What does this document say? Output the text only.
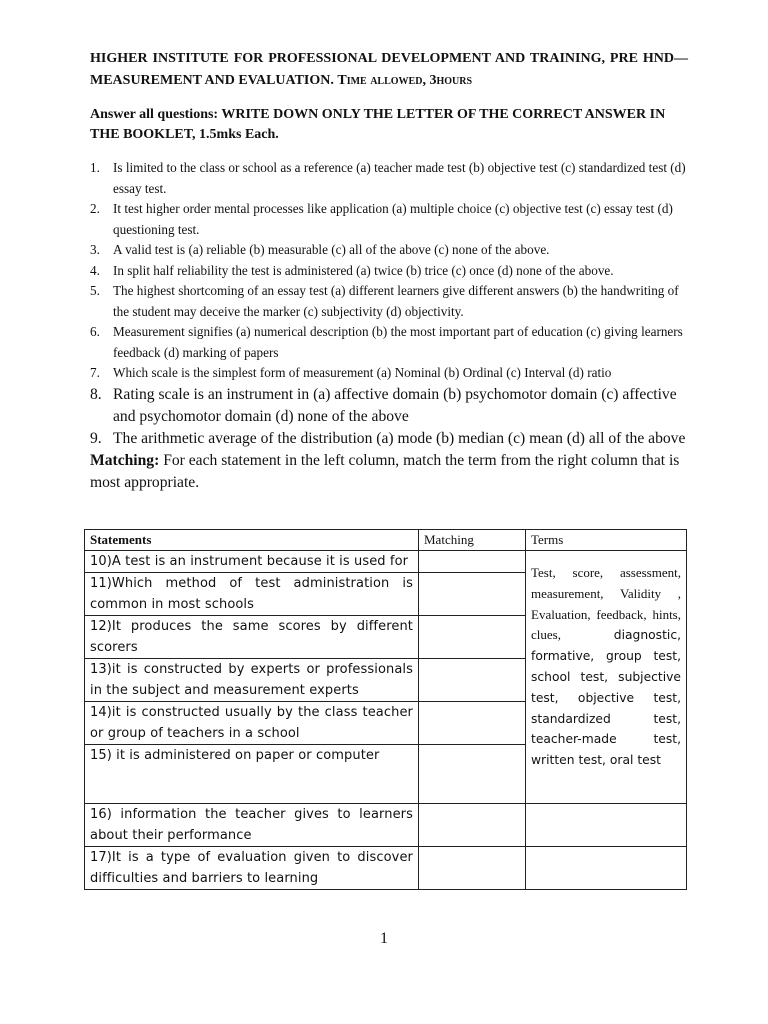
HIGHER INSTITUTE FOR PROFESSIONAL DEVELOPMENT AND TRAINING, PRE HND—MEASUREMENT AND EVALUATION. Time allowed, 3hours

Answer all questions: WRITE DOWN ONLY THE LETTER OF THE CORRECT ANSWER IN THE BOOKLET, 1.5mks Each.

1. Is limited to the class or school as a reference (a) teacher made test (b) objective test (c) standardized test (d) essay test.
2. It test higher order mental processes like application (a) multiple choice (c) objective test (c) essay test (d) questioning test.
3. A valid test is (a) reliable (b) measurable (c) all of the above (c) none of the above.
4. In split half reliability the test is administered (a) twice (b) trice (c) once (d) none of the above.
5. The highest shortcoming of an essay test (a) different learners give different answers (b) the handwriting of the student may deceive the marker (c) subjectivity (d) objectivity.
6. Measurement signifies (a) numerical description (b) the most important part of education (c) giving learners feedback (d) marking of papers
7. Which scale is the simplest form of measurement (a) Nominal (b) Ordinal (c) Interval (d) ratio
8. Rating scale is an instrument in (a) affective domain (b) psychomotor domain (c) affective and psychomotor domain (d) none of the above
9. The arithmetic average of the distribution (a) mode (b) median (c) mean (d) all of the above

Matching: For each statement in the left column, match the term from the right column that is most appropriate.

Statements	Matching	Terms
10)A test is an instrument because it is used for		Test, score, assessment, measurement, Validity , Evaluation, feedback, hints, clues, diagnostic, formative, group test, school test, subjective test, objective test, standardized test, teacher-made test, written test, oral test
11)Which method of test administration is common in most schools		
12)It produces the same scores by different scorers		
13)it is constructed by experts or professionals in the subject and measurement experts		
14)it is constructed usually by the class teacher or group of teachers in a school		
15) it is administered on paper or computer		
16) information the teacher gives to learners about their performance		
17)It is a type of evaluation given to discover difficulties and barriers to learning		
1
